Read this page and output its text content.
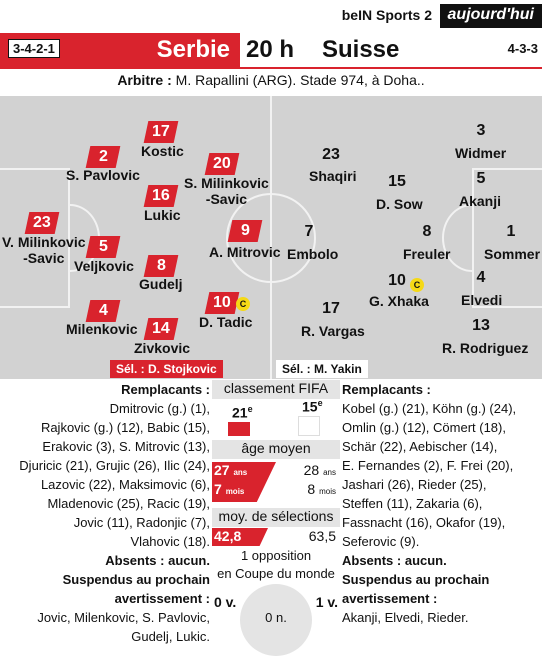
beIN Sports 2 aujourd'hui
Serbie
3-4-2-1	20 h Suisse	4-3-3
Arbitre : M. Rapallini (ARG). Stade 974, à Doha..
23
V. Milinkovic
-Savic
2
S. Pavlovic
5
Veljkovic
4
Milenkovic
17
Kostic
16
Lukic
8
Gudelj
14
Zivkovic
20
S. Milinkovic
-Savic
10 C
D. Tadic
9
A. Mitrovic
1
Sommer
3
Widmer
5
Akanji
4
Elvedi
13
R. Rodriguez
8
Freuler
10 C
G. Xhaka
15
D. Sow
23
Shaqiri
7
Embolo
17
R. Vargas
Sél. : D. Stojkovic	Sél. : M. Yakin
Remplacants :
Dmitrovic (g.) (1),
Rajkovic (g.) (12), Babic (15),
Erakovic (3), S. Mitrovic (13),
Djuricic (21), Grujic (26), Ilic (24),
Lazovic (22), Maksimovic (6),
Mladenovic (25), Racic (19),
Jovic (11), Radonjic (7),
Vlahovic (18).
Absents : aucun.
Suspendus au prochain
avertissement :
Jovic, Milenkovic, S. Pavlovic,
Gudelj, Lukic.
classement FIFA
21e	15e
âge moyen
27 ans
7 mois
28 ans
8 mois
moy. de sélections
42,8	63,5
1 opposition
en Coupe du monde
0 v.	1 v.
0 n.
Remplacants :
Kobel (g.) (21), Köhn (g.) (24),
Omlin (g.) (12), Cömert (18),
Schär (22), Aebischer (14),
E. Fernandes (2), F. Frei (20),
Jashari (26), Rieder (25),
Steffen (11), Zakaria (6),
Fassnacht (16), Okafor (19),
Seferovic (9).
Absents : aucun.
Suspendus au prochain
avertissement :
Akanji, Elvedi, Rieder.
